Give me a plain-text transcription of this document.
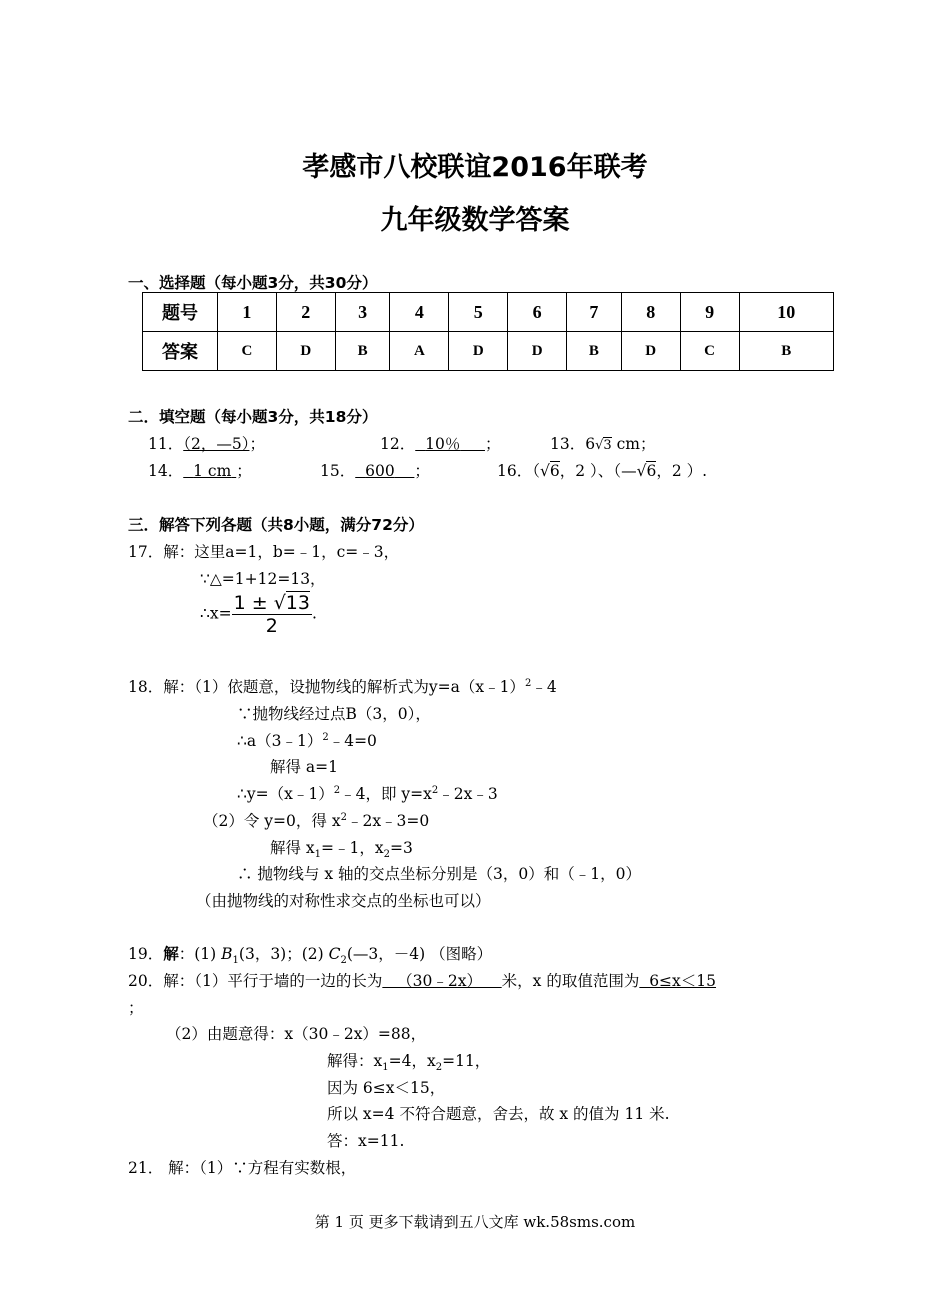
孝感市八校联谊2016年联考
九年级数学答案
一、选择题（每小题3分，共30分）
题号	1	2	3	4	5	6	7	8	9	10
答案	C	D	B	A	D	D	B	D	C	B
二．填空题（每小题3分，共18分）
11．（2，—5）；	12． 10％ ；	13．6√3 cm；
14． 1 cm ；	15． 600 ；	16．（√6，2 ）、（—√6，2 ）.
三．解答下列各题（共8小题，满分72分）
17．解：这里a=1，b=﹣1，c=﹣3，
∵△=1+12=13，
∴x= $\frac{1 \pm √13}{2}$ .
18．解：（1）依题意，设抛物线的解析式为y=a（x﹣1）$^2$﹣4
∵抛物线经过点B（3，0），
∴a（3﹣1）$^2$﹣4=0
解得 a=1
∴y=（x﹣1）$^2$﹣4，即 $y=x^2﹣2x﹣3$
（2）令 y=0，得 $x^2﹣2x﹣3=0$
解得 $x_1=﹣1$，$x_2=3$
∴ 抛物线与 x 轴的交点坐标分别是（3，0）和（﹣1，0）
（由抛物线的对称性求交点的坐标也可以）
19．解：(1) $B_1(3$，3)；(2) $C_2(—3$，－4) （图略）
20．解：（1）平行于墙的一边的长为   （30﹣2x）    米，x 的取值范围为  6≤x＜15
；
（2）由题意得：x（30﹣2x）=88，
解得：$x_1=4$，$x_2=11$，
因为 6≤x＜15，
所以 x=4 不符合题意，舍去，故 x 的值为 11 米.
答：x=11.
21． 解：（1）∵方程有实数根，
第 1 页 更多下载请到五八文库 wk.58sms.com
